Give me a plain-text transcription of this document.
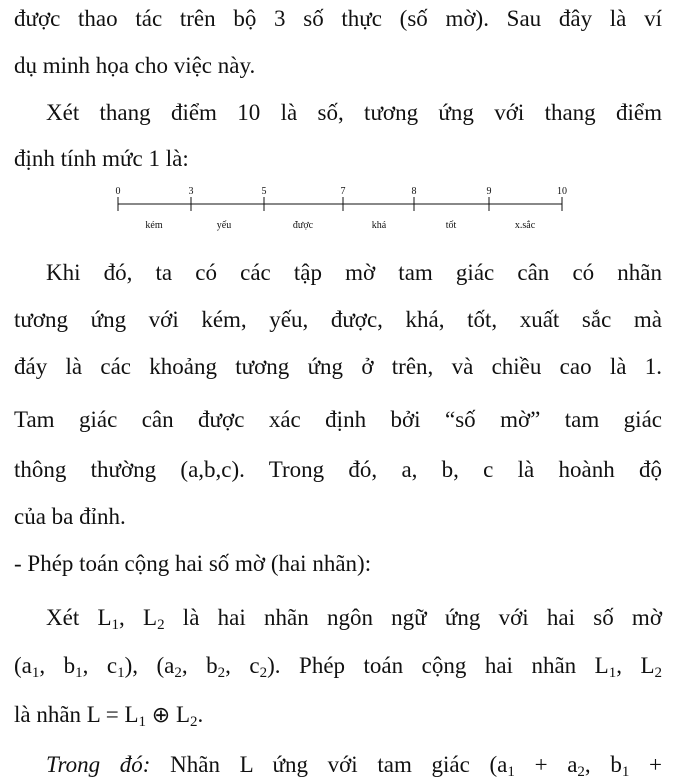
được thao tác trên bộ 3 số thực (số mờ). Sau đây là ví
dụ minh họa cho việc này.
Xét thang điểm 10 là số, tương ứng với thang điểm
định tính mức 1 là:
0	3	5	7	8	9	10
kém	yếu	được	khá	tốt	x.sắc
Khi đó, ta có các tập mờ tam giác cân có nhãn
tương ứng với kém, yếu, được, khá, tốt, xuất sắc mà
đáy là các khoảng tương ứng ở trên, và chiều cao là 1.
Tam giác cân được xác định bởi “số mờ” tam giác
thông thường (a,b,c). Trong đó, a, b, c là hoành độ
của ba đỉnh.
- Phép toán cộng hai số mờ (hai nhãn):
Xét $L_1$, $L_2$ là hai nhãn ngôn ngữ ứng với hai số mờ
($a_1$, $b_1$, $c_1$), ($a_2$, $b_2$, $c_2$). Phép toán cộng hai nhãn $L_1$, $L_2$
là nhãn $L = L_1$ ⊕ $L_2$.
Trong đó: Nhãn L ứng với tam giác ($a_1 + a_2$, $b_1$ +
